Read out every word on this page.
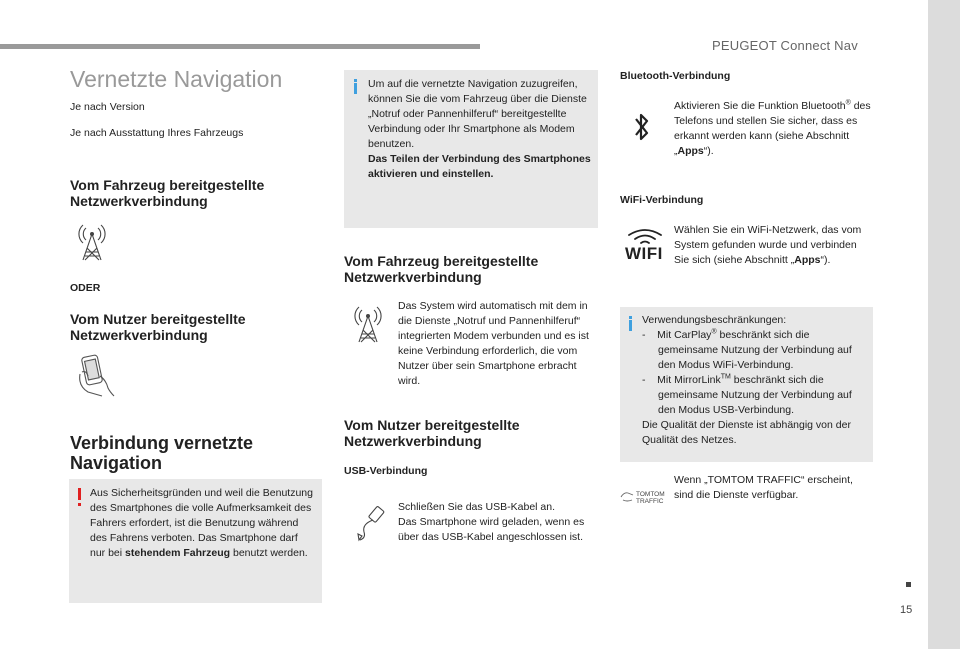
PEUGEOT Connect Nav
15
Vernetzte Navigation
Je nach Version
Je nach Ausstattung Ihres Fahrzeugs
Vom Fahrzeug bereitgestellte Netzwerkverbindung
ODER
Vom Nutzer bereitgestellte Netzwerkverbindung
Verbindung vernetzte Navigation
Aus Sicherheitsgründen und weil die Benutzung des Smartphones die volle Aufmerksamkeit des Fahrers erfordert, ist die Benutzung während des Fahrens verboten. Das Smartphone darf nur bei stehendem Fahrzeug benutzt werden.
Um auf die vernetzte Navigation zuzugreifen, können Sie die vom Fahrzeug über die Dienste „Notruf oder Pannenhilferuf“ bereitgestellte Verbindung oder Ihr Smartphone als Modem benutzen.
Das Teilen der Verbindung des Smartphones aktivieren und einstellen.
Vom Fahrzeug bereitgestellte Netzwerkverbindung
Das System wird automatisch mit dem in die Dienste „Notruf und Pannenhilferuf“ integrierten Modem verbunden und es ist keine Verbindung erforderlich, die vom Nutzer über sein Smartphone erbracht wird.
Vom Nutzer bereitgestellte Netzwerkverbindung
USB-Verbindung
Schließen Sie das USB-Kabel an.
Das Smartphone wird geladen, wenn es über das USB-Kabel angeschlossen ist.
Bluetooth-Verbindung
Aktivieren Sie die Funktion Bluetooth® des Telefons und stellen Sie sicher, dass es erkannt werden kann (siehe Abschnitt „Apps“).
WiFi-Verbindung
WIFI
Wählen Sie ein WiFi-Netzwerk, das vom System gefunden wurde und verbinden Sie sich (siehe Abschnitt „Apps“).
Verwendungsbeschränkungen:
- Mit CarPlay® beschränkt sich die gemeinsame Nutzung der Verbindung auf den Modus WiFi-Verbindung.
- Mit MirrorLink™ beschränkt sich die gemeinsame Nutzung der Verbindung auf den Modus USB-Verbindung.
Die Qualität der Dienste ist abhängig von der Qualität des Netzes.
TOMTOM
TRAFFIC
Wenn „TOMTOM TRAFFIC“ erscheint, sind die Dienste verfügbar.
